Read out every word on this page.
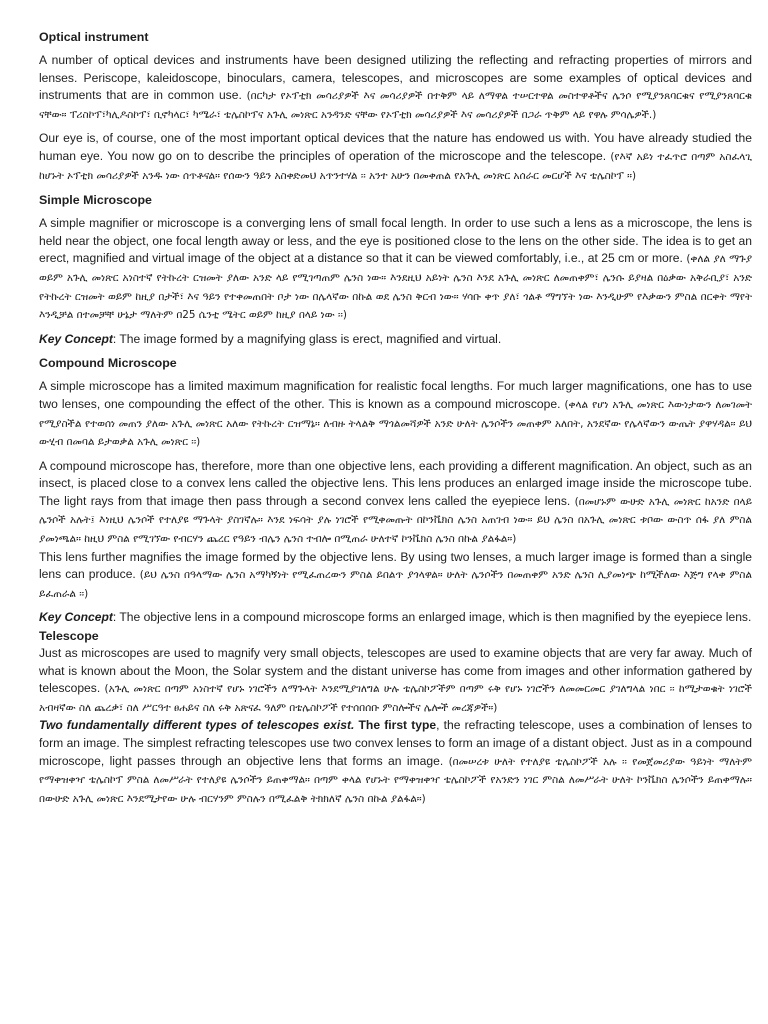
Optical instrument

A number of optical devices and instruments have been designed utilizing the reflecting and refracting properties of mirrors and lenses. Periscope, kaleidoscope, binoculars, camera, telescopes, and microscopes are some examples of optical devices and instruments that are in common use. (በርካታ የኦፕቲክ መሳሪያዎች እና መሳሪያዎች በተቅም ላይ ለማዋል ተሠርተዋል መስተዋቶችና ሌንሶ የሚያንጸባርቁና የሚያንጸባርቁ ናቸው። ፐሪስኮፕ፣ካሊዶስኮፕ፣ ቢኖካላር፣ ካሜራ፣ ቴሌስኮፕና አጉሊ መነጽር አንዳንድ ናቸው የኦፕቲክ መሳሪያዎች እና መሳሪያዎች በጋራ ጥቅም ላይ የዋሉ ምሳሌዎች.)

Our eye is, of course, one of the most important optical devices that the nature has endowed us with. You have already studied the human eye. You now go on to describe the principles of operation of the microscope and the telescope. (የእኛ አይነ ተፈጥሮ በጣም አስፈላጊ ከሆኑት ኦፕቲክ መሳሪያዎች አንዱ ነው ሰጥቶናል። የሰውን ዓይን አስቀድመህ አጥንተሃል ፡፡ አንተ አሁን በመቀጠል የአጉሊ መነጽር አሰራር መርሆች እና ቴሌስኮፕ ።)

Simple Microscope

A simple magnifier or microscope is a converging lens of small focal length. In order to use such a lens as a microscope, the lens is held near the object, one focal length away or less, and the eye is positioned close to the lens on the other side. The idea is to get an erect, magnified and virtual image of the object at a distance so that it can be viewed comfortably, i.e., at 25 cm or more. (ቀለል ያለ ማጉያ ወይም አጉሊ መነጽር አነስተኛ የትኩረት ርዝመት ያለው አንድ ላይ የሚገጣጠም ሌንስ ነው። እንደዚህ አይነት ሌንስ እንደ አጉሊ መነጽር ለመጠቀም፣ ሌንሱ ይያዛል በዕቃው አቅራቢያ፣ አንድ የትኩረት ርዝመት ወይም ከዚያ በታች፣ እና ዓይን የተቀመጠበት ቦታ ነው በሌላኛው በኩል ወደ ሌንስ ቅርብ ነው። ሃሳቡ ቀጥ ያለ፣ ጎልቶ ማግኘት ነው እንዲሁም የእቃውን ምስል በርቀት ማየት እንዲቻል በተመቻቸ ሁኔታ ማለትም በ25 ሴንቲ ሜትር ወይም ከዚያ በላይ ነው ፡፡)

Key Concept: The image formed by a magnifying glass is erect, magnified and virtual.

Compound Microscope

A simple microscope has a limited maximum magnification for realistic focal lengths. For much larger magnifications, one has to use two lenses, one compounding the effect of the other. This is known as a compound microscope. (ቀላል የሆነ አጉሊ መነጽር እውነታውን ለመገመት የሚያስችል የተወሰነ መጠን ያለው አጉሊ መነጽር አለው የትኩረት ርዝማኔ። ለብዙ ትላልቅ ማጎልመሻዎች አንድ ሁለት ሌንሶችን መጠቀም አለበት, አንደኛው የሌላኛውን ውጤት ያዋሃዳል። ይህ ውሂብ በመባል ይታወቃል አጉሊ መነጽር ፡፡)

A compound microscope has, therefore, more than one objective lens, each providing a different magnification. An object, such as an insect, is placed close to a convex lens called the objective lens. This lens produces an enlarged image inside the microscope tube. The light rays from that image then pass through a second convex lens called the eyepiece lens. (በመሆኑም ውሁድ አጉሊ መነጽር ከአንድ በላይ ሌንሶች አሉት፤ እነዚህ ሌንሶች የተለያዩ ማጉላት ያስገኛሉ። እንደ ነፍሳት ያሉ ነገሮች የሚቀመጡት በኮንቬክስ ሌንስ አጠገብ ነው። ይህ ሌንስ በአጉሊ መነጽር ቱቦው ውስጥ ሰፋ ያለ ምስል ያመነጫል። ከዚህ ምስል የሚገኘው የብርሃን ጨረር የዓይን ብሌን ሌንስ ተብሎ በሚጠራ ሁለተኛ ኮንቬክስ ሌንስ በኩል ያልፋል።)

This lens further magnifies the image formed by the objective lens. By using two lenses, a much larger image is formed than a single lens can produce. (ይህ ሌንስ በዓላማው ሌንስ አማካኝነት የሚፈጠረውን ምስል ይበልጥ ያጎላዋል። ሁለት ሌንሶችን በመጠቀም አንድ ሌንስ ሊያመነጭ ከሚችለው እጅግ የላቀ ምስል ይፈጠራል ፡፡)

Key Concept: The objective lens in a compound microscope forms an enlarged image, which is then magnified by the eyepiece lens.

Telescope

Just as microscopes are used to magnify very small objects, telescopes are used to examine objects that are very far away. Much of what is known about the Moon, the Solar system and the distant universe has come from images and other information gathered by telescopes. (አጉሊ መነጽር በጣም አነስተኛ የሆኑ ነገሮችን ለማጉላት እንደሚያገለግል ሁሉ ቴሌስኮፖችም በጣም ሩቅ የሆኑ ነገሮችን ለመመርመር ያገለግላል ነበር ፡፡ ከሚታወቁት ነገሮች አብዛኛው ስለ ጨረቃ፣ ስለ ሥርዓተ ፀሐይና ስለ ሩቅ አጽናፈ ዓለም በቴሌስኮፖች የተሰበሰቡ ምስሎችና ሌሎች መረጃዎች።)

Two fundamentally different types of telescopes exist. The first type, the refracting telescope, uses a combination of lenses to form an image. The simplest refracting telescopes use two convex lenses to form an image of a distant object. Just as in a compound microscope, light passes through an objective lens that forms an image. (በመሠረቱ ሁለት የተለያዩ ቴሌስኮፖች አሉ ፡፡ የመጀመሪያው ዓይነት ማለትም የማቀዝቀዣ ቴሌስኮፕ ምስል ለመሥራት የተለያዩ ሌንሶችን ይጠቀማል። በጣም ቀላል የሆኑት የማቀዝቀዣ ቴሌስኮፖች የአንድን ነገር ምስል ለመሥራት ሁለት ኮንቬክስ ሌንሶችን ይጠቀማሉ። በውሁድ አጉሊ መነጽር እንደሚታየው ሁሉ ብርሃንም ምስሉን በሚፈልቅ ትክክለኛ ሌንስ በኩል ያልፋል።)
